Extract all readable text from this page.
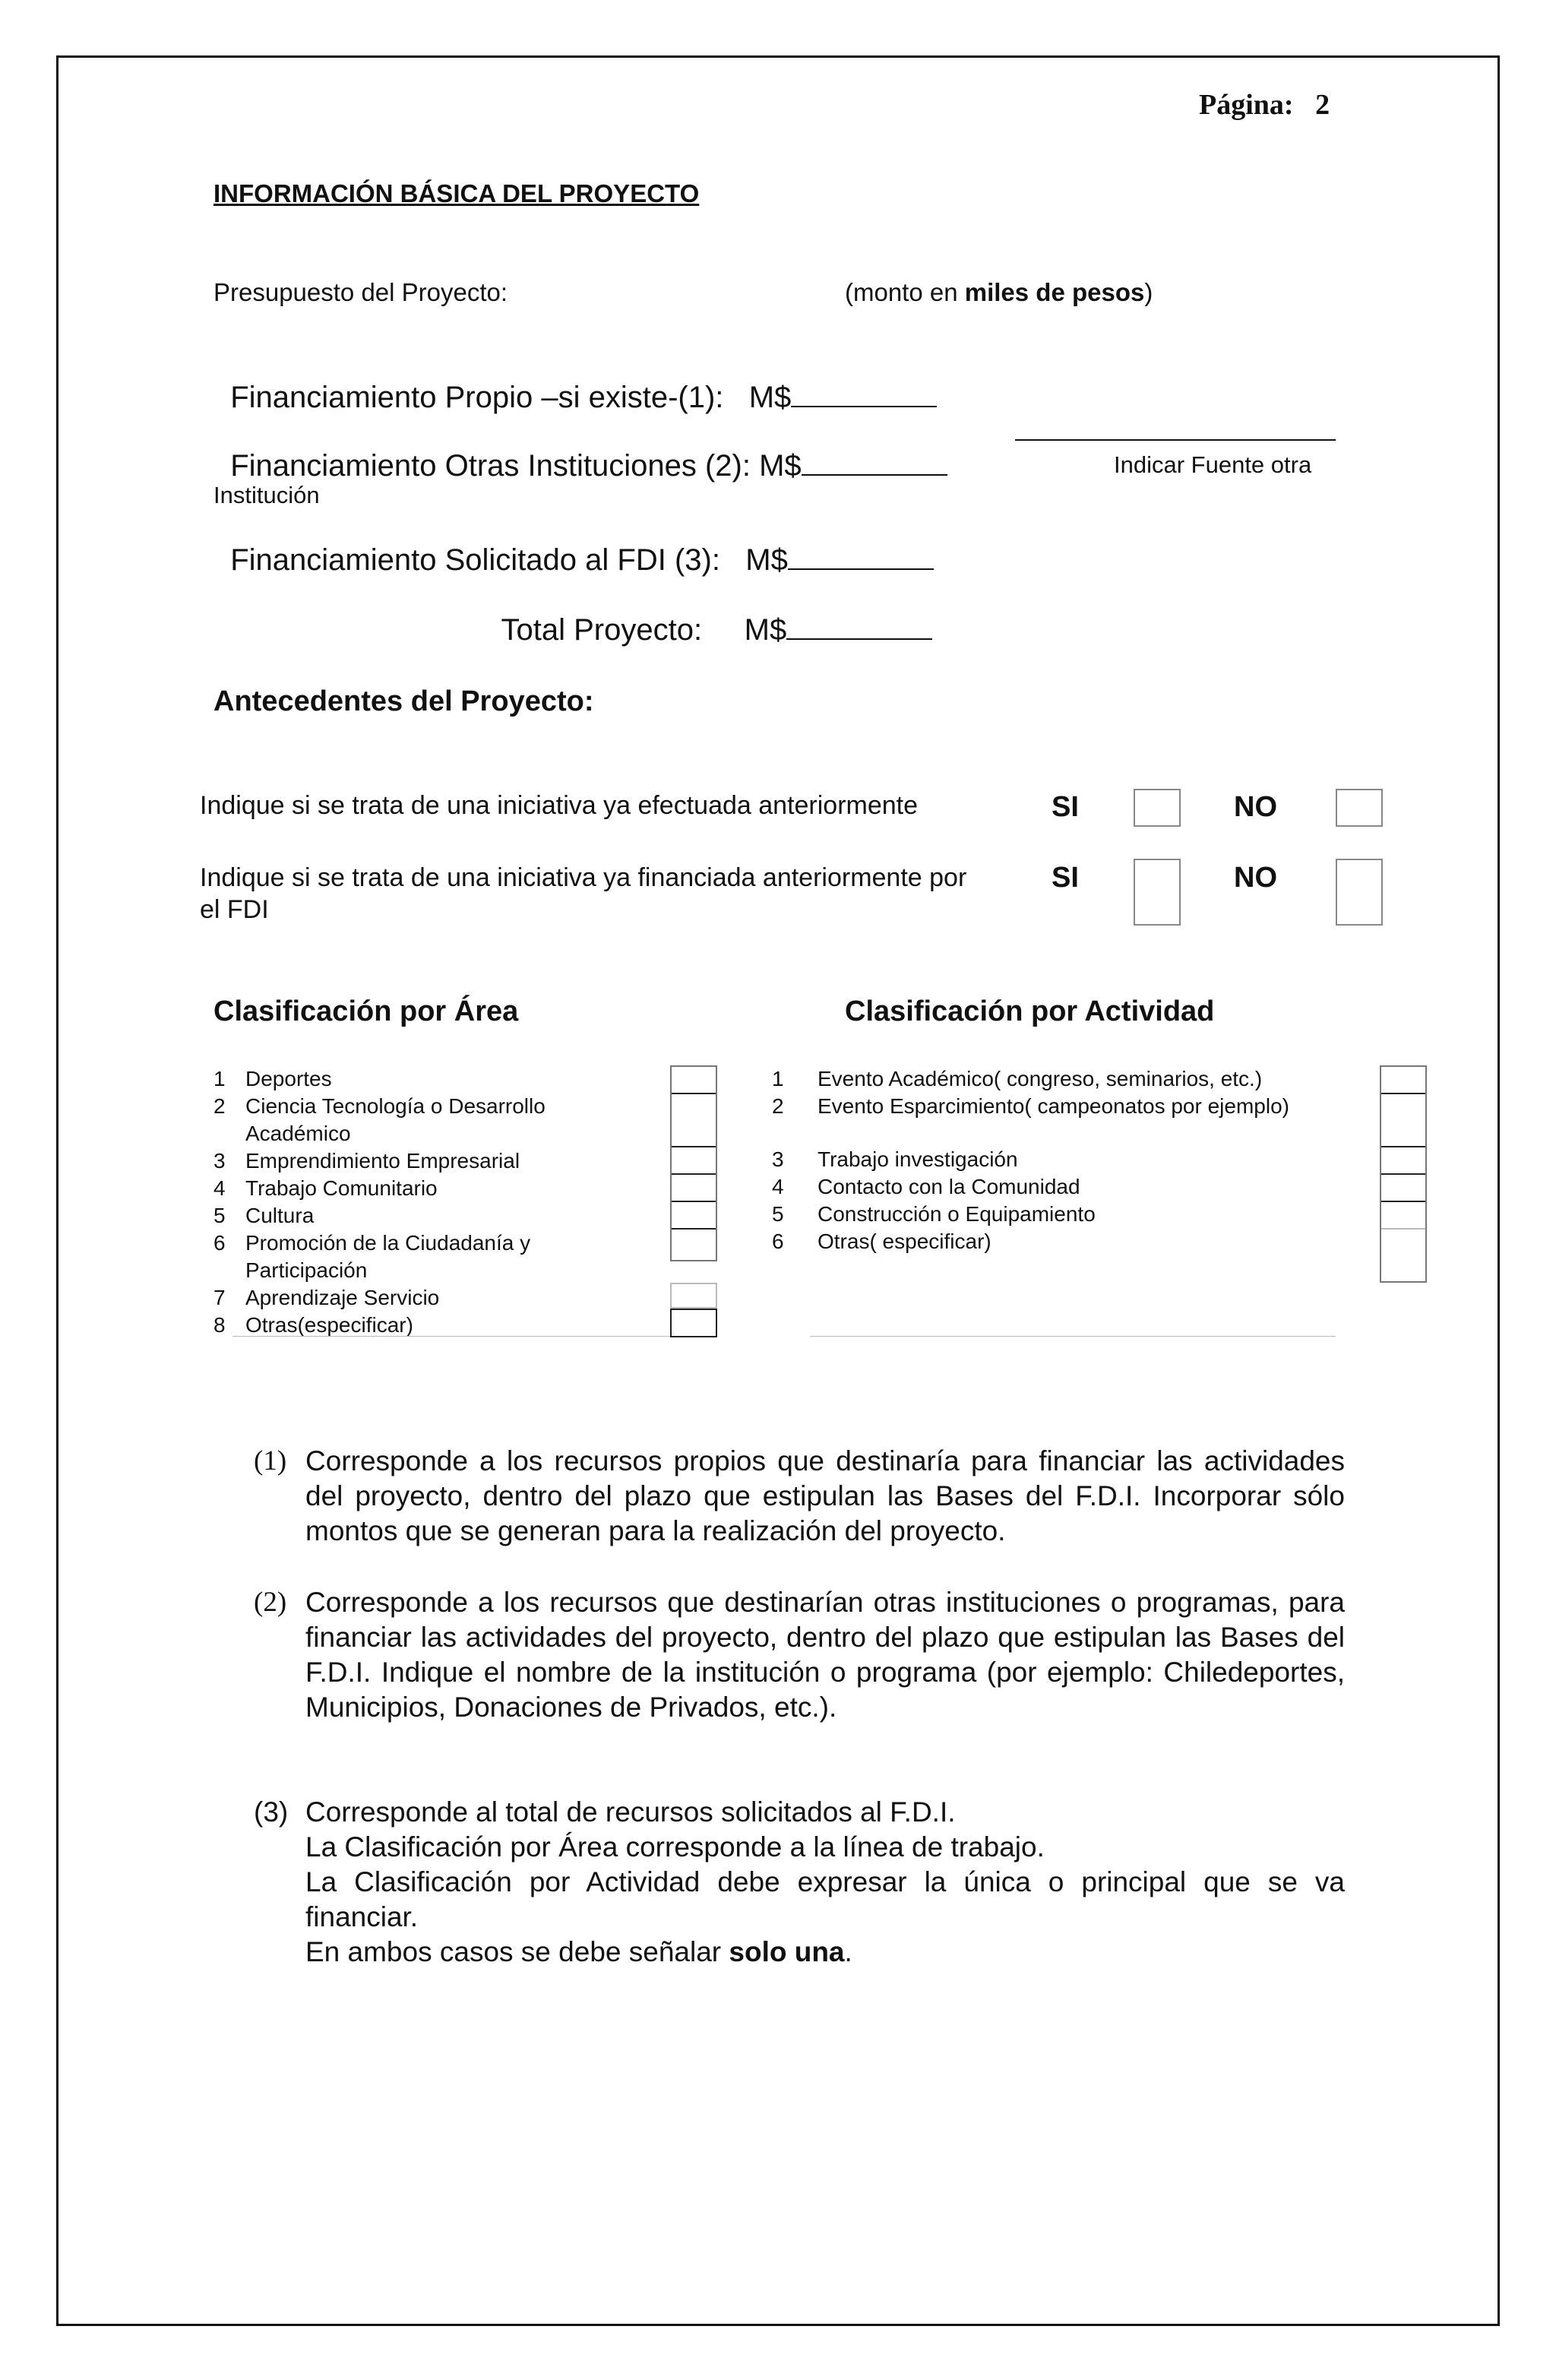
Página: 2
INFORMACIÓN BÁSICA DEL PROYECTO
Presupuesto del Proyecto:	(monto en miles de pesos)

Financiamiento Propio –si existe-(1):   M$

Financiamiento Otras Instituciones (2): M$	Indicar Fuente otra
Institución

Financiamiento Solicitado al FDI (3):   M$

Total Proyecto:     M$

Antecedentes del Proyecto:
Indique si se trata de una iniciativa ya efectuada anteriormente	SI	NO
Indique si se trata de una iniciativa ya financiada anteriormente por
el FDI
SI	NO
Clasificación por Área	Clasificación por Actividad
1 Deportes
2 Ciencia Tecnología o Desarrollo
Académico
3 Emprendimiento Empresarial
4 Trabajo Comunitario
5 Cultura
6 Promoción de la Ciudadanía y
Participación
7 Aprendizaje Servicio
8 Otras(especificar)
1 Evento Académico( congreso, seminarios, etc.)
2 Evento Esparcimiento( campeonatos por ejemplo)
3 Trabajo investigación
4 Contacto con la Comunidad
5 Construcción o Equipamiento
6 Otras( especificar)
(1) Corresponde a los recursos propios que destinaría para financiar las actividades del proyecto, dentro del plazo que estipulan las Bases del F.D.I. Incorporar sólo montos que se generan para la realización del proyecto.

(2) Corresponde a los recursos que destinarían otras instituciones o programas, para financiar las actividades del proyecto, dentro del plazo que estipulan las Bases del F.D.I. Indique el nombre de la institución o programa (por ejemplo: Chiledeportes, Municipios, Donaciones de Privados, etc.).

(3) Corresponde al total de recursos solicitados al F.D.I.

La Clasificación por Área corresponde a la línea de trabajo.

La Clasificación por Actividad debe expresar la única o principal que se va financiar.

En ambos casos se debe señalar solo una.
